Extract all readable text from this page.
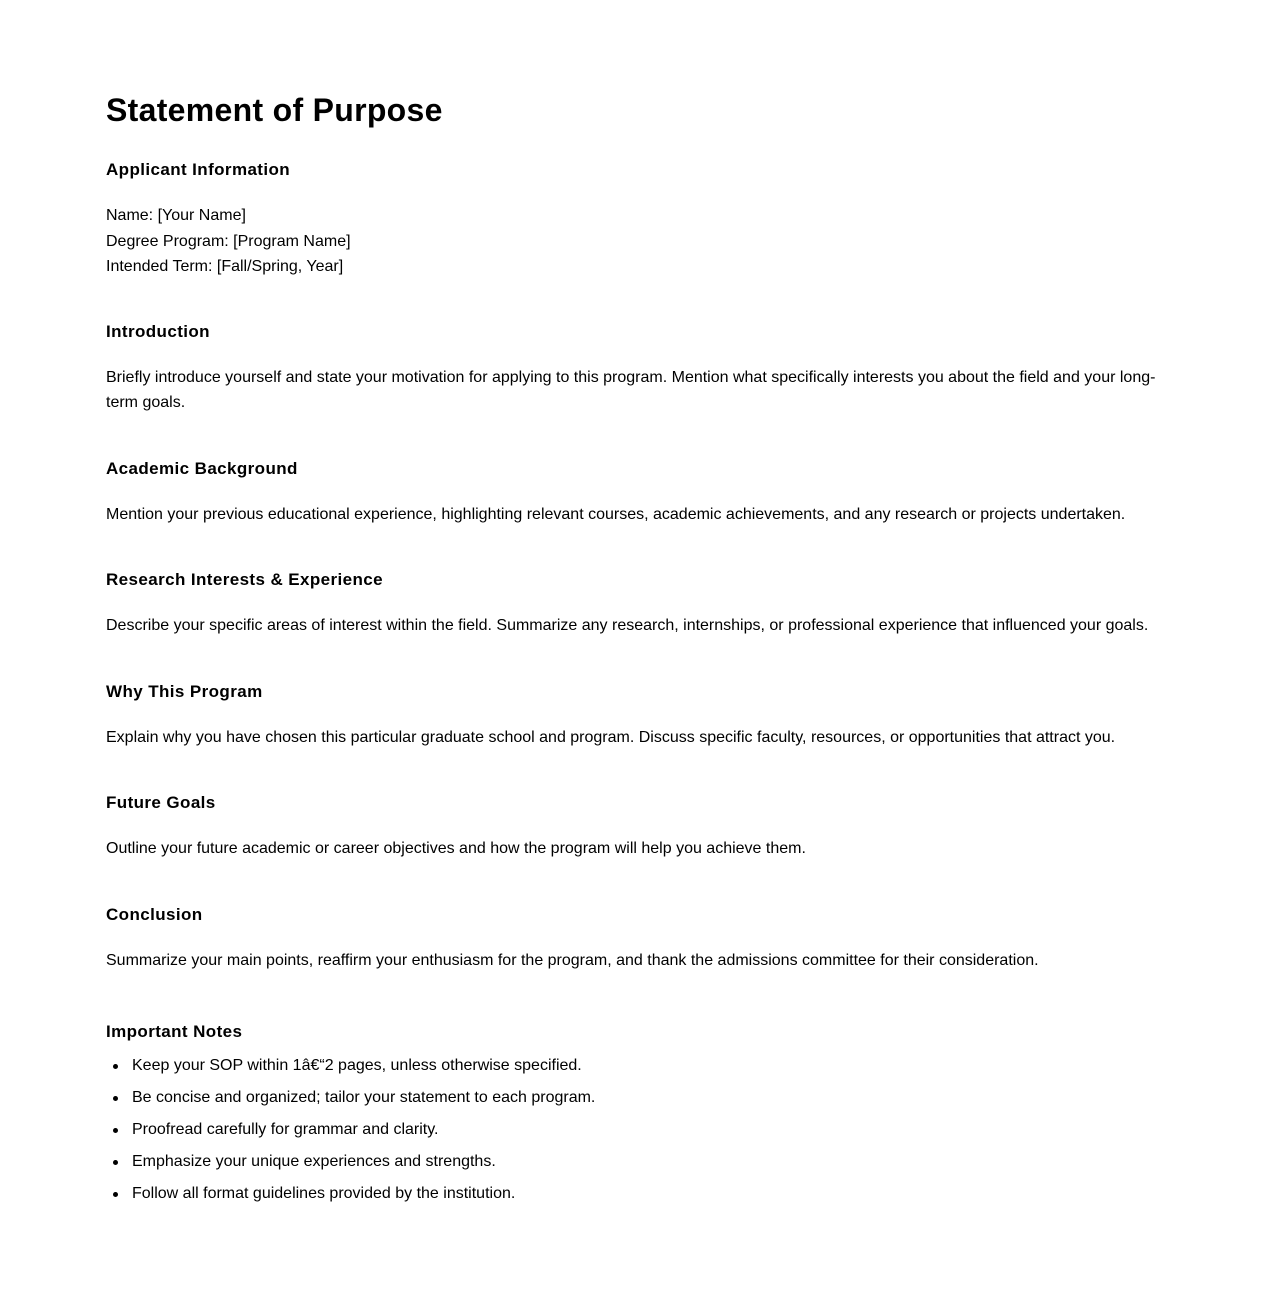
Statement of Purpose
Applicant Information
Name: [Your Name]
Degree Program: [Program Name]
Intended Term: [Fall/Spring, Year]
Introduction

Briefly introduce yourself and state your motivation for applying to this program. Mention what specifically interests you about the field and your long-term goals.

Academic Background

Mention your previous educational experience, highlighting relevant courses, academic achievements, and any research or projects undertaken.

Research Interests & Experience

Describe your specific areas of interest within the field. Summarize any research, internships, or professional experience that influenced your goals.

Why This Program

Explain why you have chosen this particular graduate school and program. Discuss specific faculty, resources, or opportunities that attract you.

Future Goals

Outline your future academic or career objectives and how the program will help you achieve them.

Conclusion

Summarize your main points, reaffirm your enthusiasm for the program, and thank the admissions committee for their consideration.

Important Notes
Keep your SOP within 1â€“2 pages, unless otherwise specified.
Be concise and organized; tailor your statement to each program.
Proofread carefully for grammar and clarity.
Emphasize your unique experiences and strengths.
Follow all format guidelines provided by the institution.
